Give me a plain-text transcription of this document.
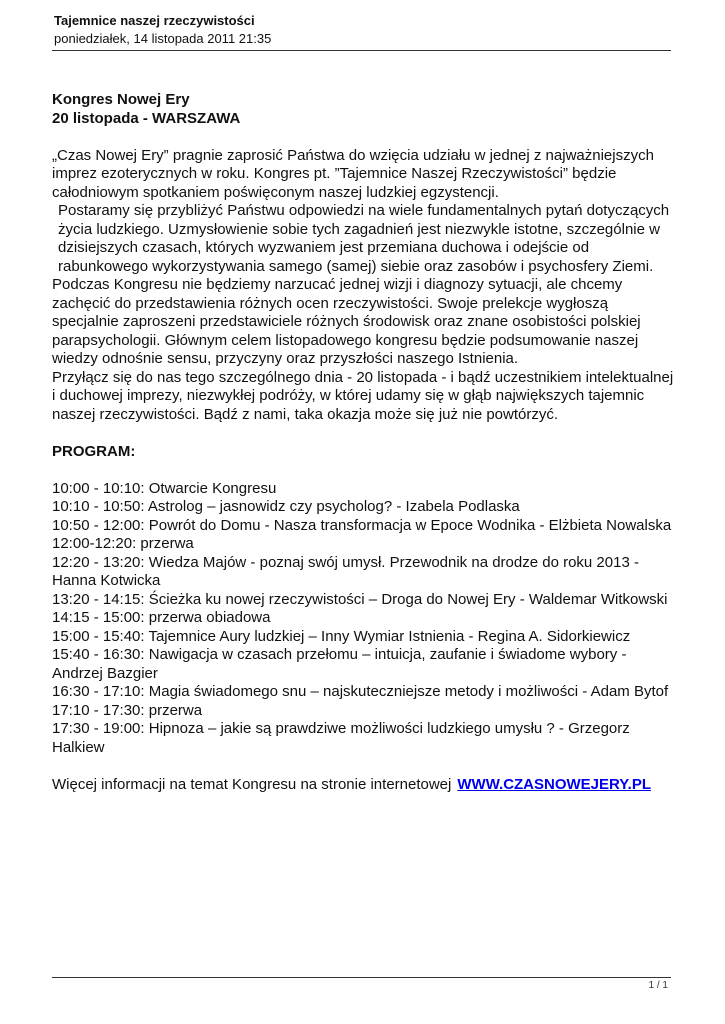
Tajemnice naszej rzeczywistości
poniedziałek, 14 listopada 2011 21:35

Kongres Nowej Ery

20 listopada - WARSZAWA

„Czas Nowej Ery” pragnie zaprosić Państwa do wzięcia udziału w jednej z najważniejszych imprez ezoterycznych w roku. Kongres pt. ”Tajemnice Naszej Rzeczywistości” będzie całodniowym spotkaniem poświęconym naszej ludzkiej egzystencji.

Postaramy się przybliżyć Państwu odpowiedzi na wiele fundamentalnych pytań dotyczących życia ludzkiego. Uzmysłowienie sobie tych zagadnień jest niezwykle istotne, szczególnie w dzisiejszych czasach, których wyzwaniem jest przemiana duchowa i odejście od rabunkowego wykorzystywania samego (samej) siebie oraz zasobów i psychosfery Ziemi.

Podczas Kongresu nie będziemy narzucać jednej wizji i diagnozy sytuacji, ale chcemy zachęcić do przedstawienia różnych ocen rzeczywistości. Swoje prelekcje wygłoszą specjalnie zaproszeni przedstawiciele różnych środowisk oraz znane osobistości polskiej parapsychologii. Głównym celem listopadowego kongresu będzie podsumowanie naszej wiedzy odnośnie sensu, przyczyny oraz przyszłości naszego Istnienia.

Przyłącz się do nas tego szczególnego dnia - 20 listopada - i bądź uczestnikiem intelektualnej i duchowej imprezy, niezwykłej podróży, w której udamy się w głąb największych tajemnic naszej rzeczywistości. Bądź z nami, taka okazja może się już nie powtórzyć.

PROGRAM:

10:00 - 10:10: Otwarcie Kongresu

10:10 - 10:50: Astrolog – jasnowidz czy psycholog? - Izabela Podlaska

10:50 - 12:00: Powrót do Domu - Nasza transformacja w Epoce Wodnika - Elżbieta Nowalska

12:00-12:20: przerwa

12:20 - 13:20: Wiedza Majów - poznaj swój umysł. Przewodnik na drodze do roku 2013 - Hanna Kotwicka

13:20 - 14:15: Ścieżka ku nowej rzeczywistości – Droga do Nowej Ery - Waldemar Witkowski

14:15 - 15:00: przerwa obiadowa

15:00 - 15:40: Tajemnice Aury ludzkiej – Inny Wymiar Istnienia - Regina A. Sidorkiewicz

15:40 - 16:30: Nawigacja w czasach przełomu – intuicja, zaufanie i świadome wybory - Andrzej Bazgier

16:30 - 17:10: Magia świadomego snu – najskuteczniejsze metody i możliwości - Adam Bytof

17:10 - 17:30: przerwa

17:30 - 19:00: Hipnoza – jakie są prawdziwe możliwości ludzkiego umysłu ? - Grzegorz Halkiew

Więcej informacji na temat Kongresu na stronie internetowej WWW.CZASNOWEJERY.PL

1 / 1
